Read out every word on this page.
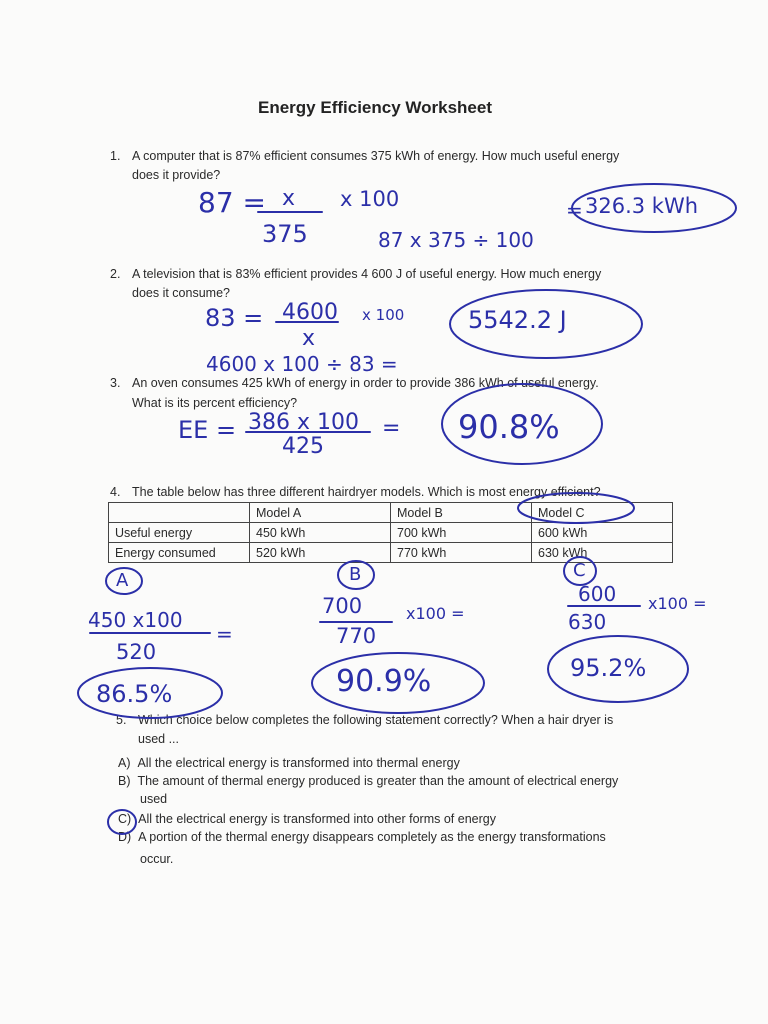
Energy Efficiency Worksheet
1. A computer that is 87% efficient consumes 375 kWh of energy. How much useful energy
does it provide?
87 = x
375
x 100
87 x 375 ÷ 100
= 326.3 kWh
2. A television that is 83% efficient provides 4 600 J of useful energy. How much energy
does it consume?
83 = 4600
x
x 100
4600 x 100 ÷ 83 =
5542.2 J
3. An oven consumes 425 kWh of energy in order to provide 386 kWh of useful energy.
What is its percent efficiency?
EE = 386 x 100
425
= 90.8%
4. The table below has three different hairdryer models. Which is most energy efficient?
	Model A	Model B	Model C
Useful energy	450 kWh	700 kWh	600 kWh
Energy consumed	520 kWh	770 kWh	630 kWh
A	B	C
450 x100
520
=
86.5%
700
770
x100 =
90.9%
600
630
x100 =
95.2%
5. Which choice below completes the following statement correctly? When a hair dryer is
used ...
A) All the electrical energy is transformed into thermal energy
B) The amount of thermal energy produced is greater than the amount of electrical energy
used
C) All the electrical energy is transformed into other forms of energy
D) A portion of the thermal energy disappears completely as the energy transformations
occur.
